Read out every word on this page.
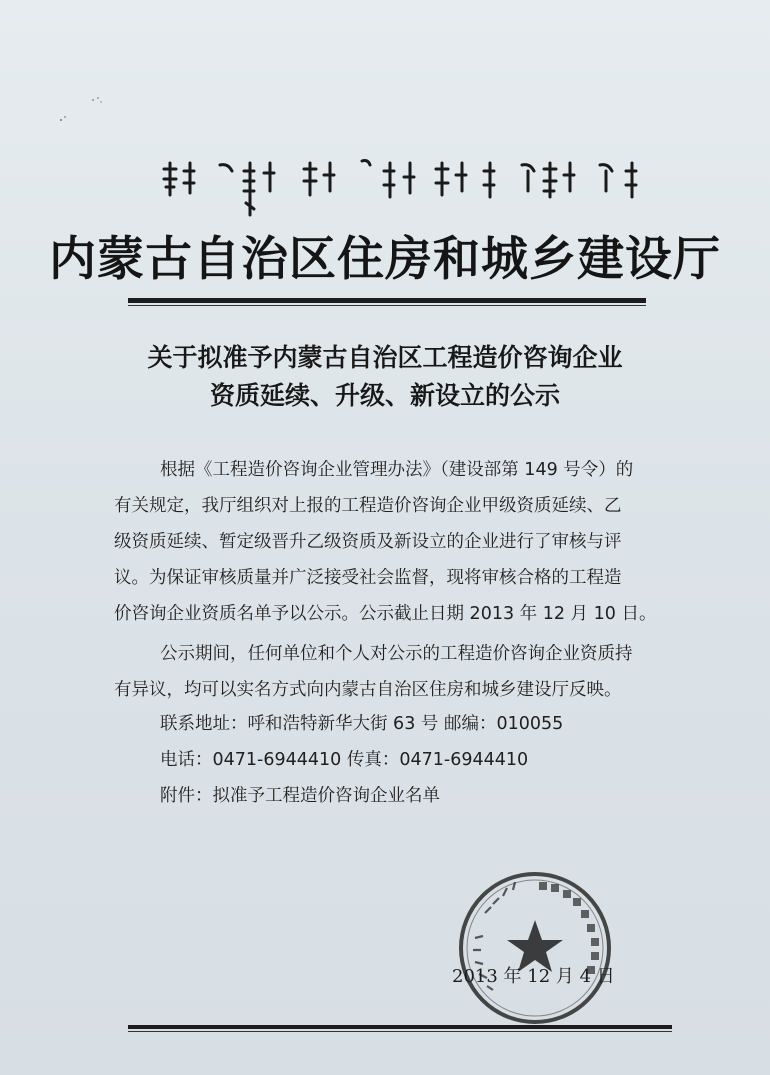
内蒙古自治区住房和城乡建设厅
关于拟准予内蒙古自治区工程造价咨询企业
资质延续、升级、新设立的公示
根据《工程造价咨询企业管理办法》（建设部第 149 号令）的
有关规定，我厅组织对上报的工程造价咨询企业甲级资质延续、乙
级资质延续、暂定级晋升乙级资质及新设立的企业进行了审核与评
议。为保证审核质量并广泛接受社会监督，现将审核合格的工程造
价咨询企业资质名单予以公示。公示截止日期 2013 年 12 月 10 日。
公示期间，任何单位和个人对公示的工程造价咨询企业资质持
有异议，均可以实名方式向内蒙古自治区住房和城乡建设厅反映。
联系地址：呼和浩特新华大街 63 号 邮编：010055
电话：0471-6944410 传真：0471-6944410
附件：拟准予工程造价咨询企业名单
2013 年 12 月 4 日
